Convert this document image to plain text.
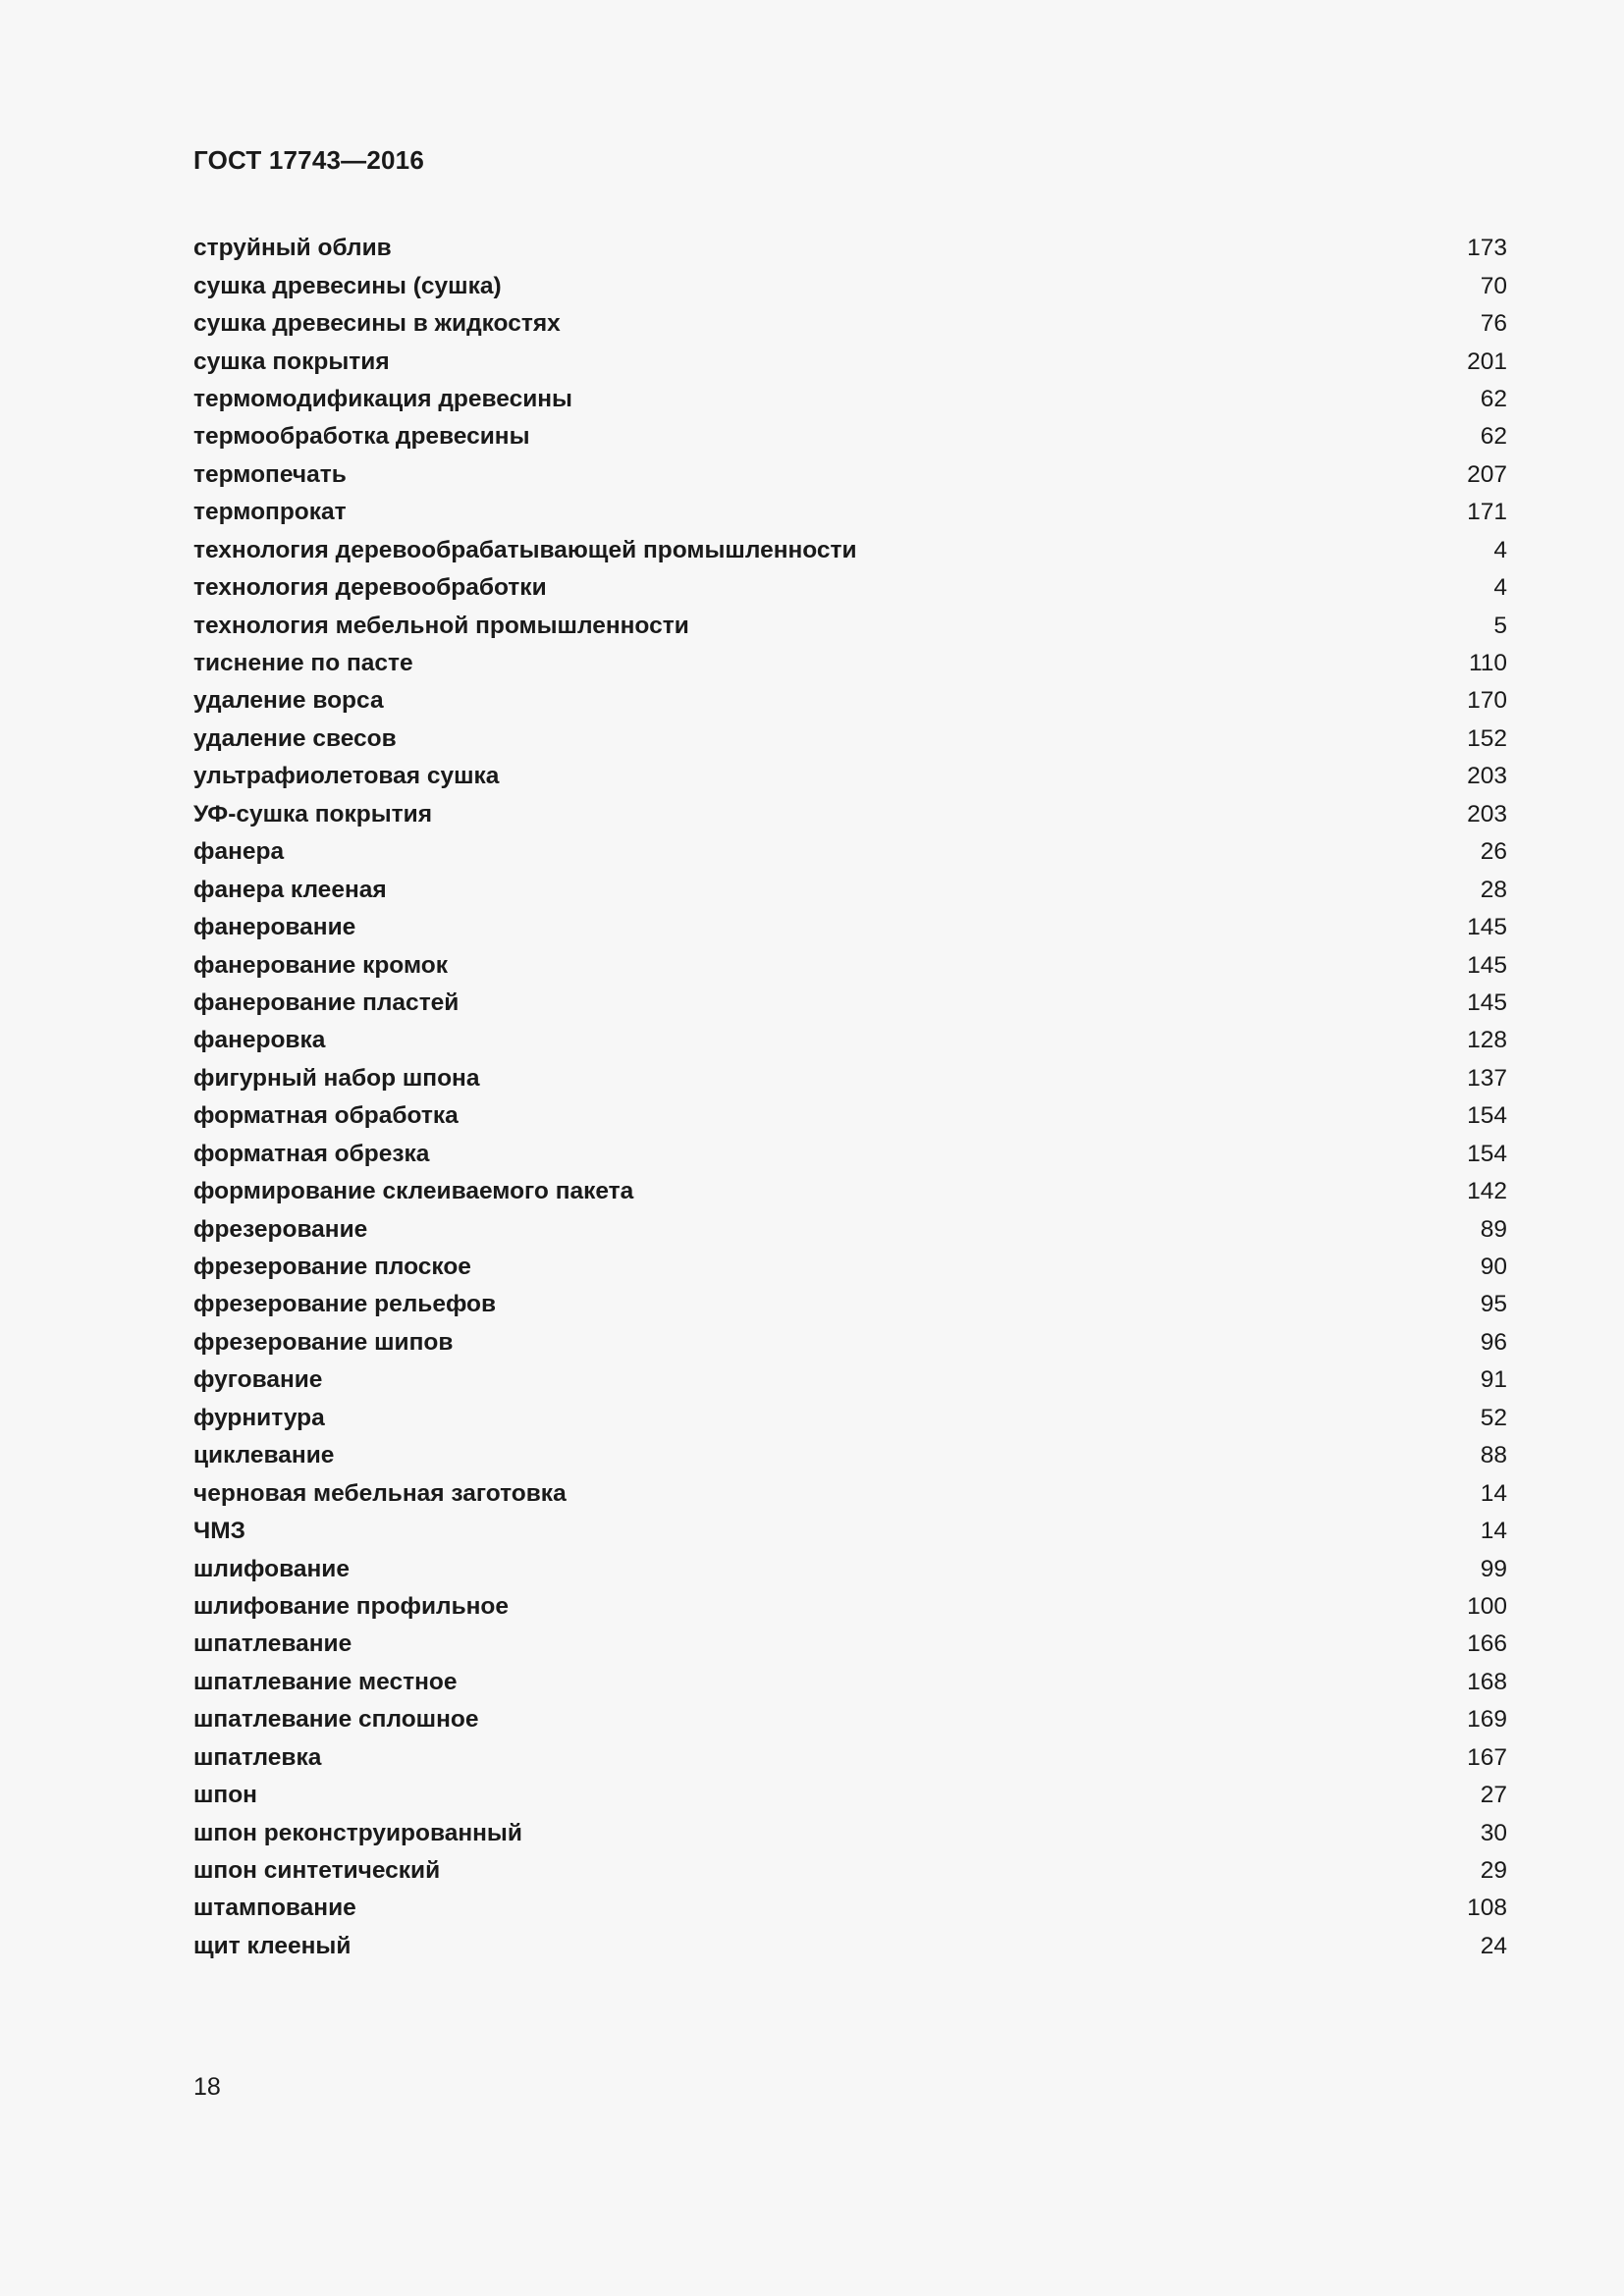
ГОСТ 17743—2016
струйный облив	173
сушка древесины (сушка)	70
сушка древесины в жидкостях	76
сушка покрытия	201
термомодификация древесины	62
термообработка древесины	62
термопечать	207
термопрокат	171
технология деревообрабатывающей промышленности	4
технология деревообработки	4
технология мебельной промышленности	5
тиснение по пасте	110
удаление ворса	170
удаление свесов	152
ультрафиолетовая сушка	203
УФ-сушка покрытия	203
фанера	26
фанера клееная	28
фанерование	145
фанерование кромок	145
фанерование пластей	145
фанеровка	128
фигурный набор шпона	137
форматная обработка	154
форматная обрезка	154
формирование склеиваемого пакета	142
фрезерование	89
фрезерование плоское	90
фрезерование рельефов	95
фрезерование шипов	96
фугование	91
фурнитура	52
циклевание	88
черновая мебельная заготовка	14
ЧМЗ	14
шлифование	99
шлифование профильное	100
шпатлевание	166
шпатлевание местное	168
шпатлевание сплошное	169
шпатлевка	167
шпон	27
шпон реконструированный	30
шпон синтетический	29
штампование	108
щит клееный	24
18
